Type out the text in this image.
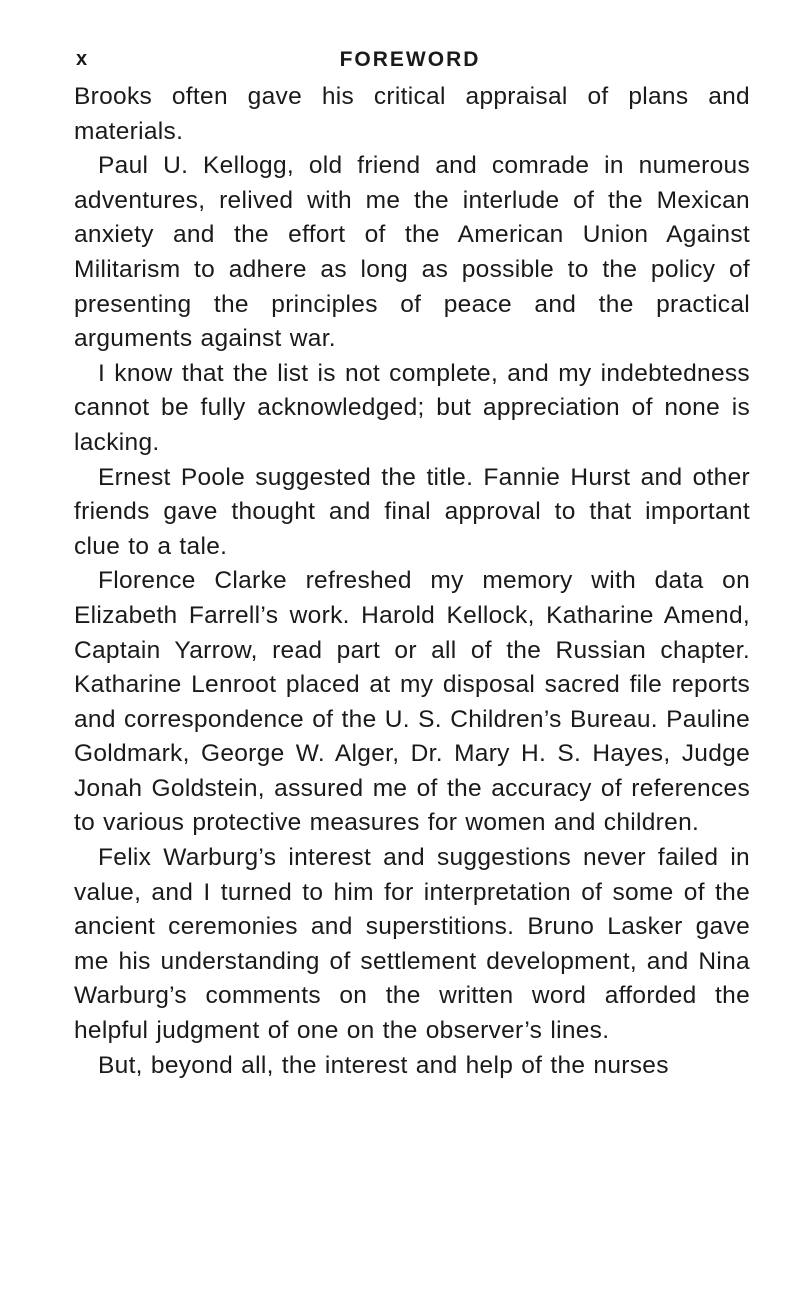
x	FOREWORD

Brooks often gave his critical appraisal of plans and materials.

Paul U. Kellogg, old friend and comrade in numerous adventures, relived with me the interlude of the Mexican anxiety and the effort of the American Union Against Militarism to adhere as long as possible to the policy of presenting the principles of peace and the practical arguments against war.

I know that the list is not complete, and my indebtedness cannot be fully acknowledged; but appreciation of none is lacking.

Ernest Poole suggested the title. Fannie Hurst and other friends gave thought and final approval to that important clue to a tale.

Florence Clarke refreshed my memory with data on Elizabeth Farrell’s work. Harold Kellock, Katharine Amend, Captain Yarrow, read part or all of the Russian chapter. Katharine Lenroot placed at my disposal sacred file reports and correspondence of the U. S. Children’s Bureau. Pauline Goldmark, George W. Alger, Dr. Mary H. S. Hayes, Judge Jonah Goldstein, assured me of the accuracy of references to various protective measures for women and children.

Felix Warburg’s interest and suggestions never failed in value, and I turned to him for interpretation of some of the ancient ceremonies and superstitions. Bruno Lasker gave me his understanding of settlement development, and Nina Warburg’s comments on the written word afforded the helpful judgment of one on the observer’s lines.

But, beyond all, the interest and help of the nurses
